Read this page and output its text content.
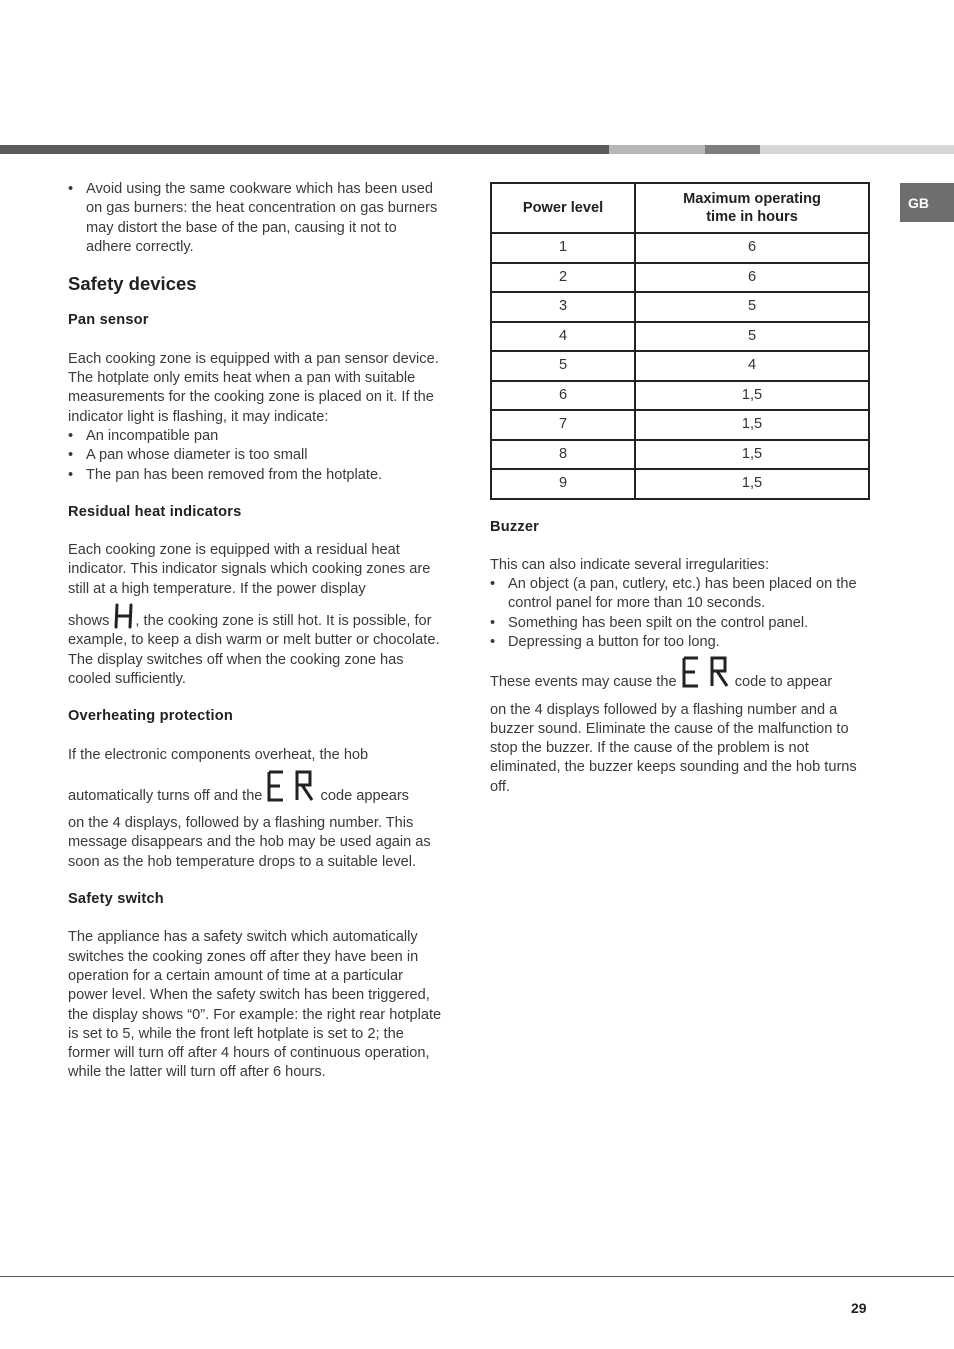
GB
• Avoid using the same cookware which has been used on gas burners: the heat concentration on gas burners may distort the base of the pan, causing it not to adhere correctly.
Safety devices
Pan sensor

Each cooking zone is equipped with a pan sensor device. The hotplate only emits heat when a pan with suitable measurements for the cooking zone is placed on it. If the indicator light is flashing, it may indicate:

• An incompatible pan
• A pan whose diameter is too small
• The pan has been removed from the hotplate.
Residual heat indicators

Each cooking zone is equipped with a residual heat indicator. This indicator signals which cooking zones are still at a high temperature. If the power display

shows , the cooking zone is still hot. It is possible, for example, to keep a dish warm or melt butter or chocolate. The display switches off when the cooking zone has cooled sufficiently.

Overheating protection

If the electronic components overheat, the hob

automatically turns off and the	code appears

on the 4 displays, followed by a flashing number. This message disappears and the hob may be used again as soon as the hob temperature drops to a suitable level.

Safety switch

The appliance has a safety switch which automatically switches the cooking zones off after they have been in operation for a certain amount of time at a particular power level. When the safety switch has been triggered, the display shows “0”. For example: the right rear hotplate is set to 5, while the front left hotplate is set to 2; the former will turn off after 4 hours of continuous operation, while the latter will turn off after 6 hours.

Power level	Maximum operating
time in hours
1	6
2	6
3	5
4	5
5	4
6	1,5
7	1,5
8	1,5
9	1,5
Buzzer

This can also indicate several irregularities:

• An object (a pan, cutlery, etc.) has been placed on the control panel for more than 10 seconds.
• Something has been spilt on the control panel.
• Depressing a button for too long.

These events may cause the	code to appear

on the 4 displays followed by a flashing number and a buzzer sound. Eliminate the cause of the malfunction to stop the buzzer. If the cause of the problem is not eliminated, the buzzer keeps sounding and the hob turns off.

29
